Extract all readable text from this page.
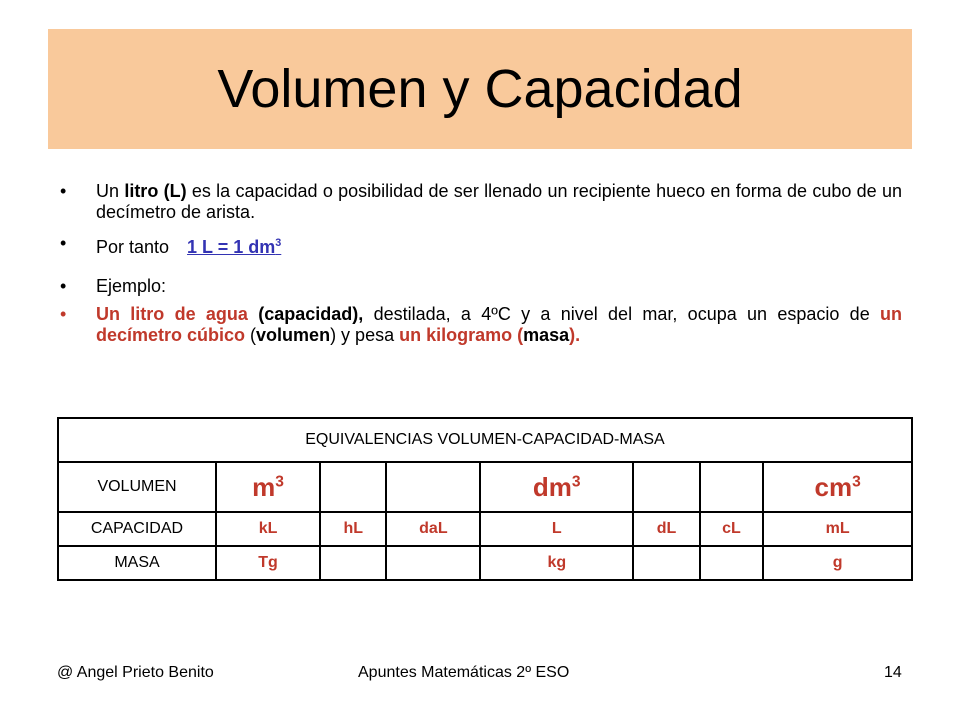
Volumen y Capacidad
• Un litro (L) es la capacidad o posibilidad de ser llenado un recipiente hueco en forma de cubo de un decímetro de arista.
• Por tanto 1 L = 1 $dm^3$
• Ejemplo:
• Un litro de agua (capacidad), destilada, a 4ºC y a nivel del mar, ocupa un espacio de un decímetro cúbico (volumen) y pesa un kilogramo (masa).
EQUIVALENCIAS VOLUMEN-CAPACIDAD-MASA							
VOLUMEN	$m^3$			$dm^3$			$cm^3$
CAPACIDAD	kL	hL	daL	L	dL	cL	mL
MASA	Tg			kg			g
@ Angel Prieto Benito	Apuntes Matemáticas 2º ESO	14
